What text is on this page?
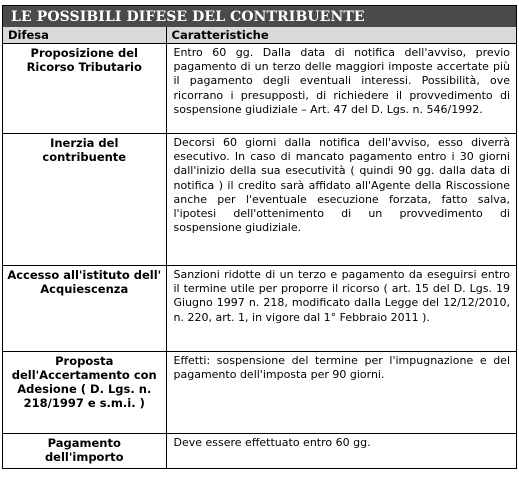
LE POSSIBILI DIFESE DEL CONTRIBUENTE
Difesa	Caratteristiche
Proposizione del Ricorso Tributario	Entro 60 gg. Dalla data di notifica dell'avviso, previo pagamento di un terzo delle maggiori imposte accertate più il pagamento degli eventuali interessi. Possibilità, ove ricorrano i presupposti, di richiedere il provvedimento di sospensione giudiziale – Art. 47 del D. Lgs. n. 546/1992.
Inerzia del contribuente	Decorsi 60 giorni dalla notifica dell'avviso, esso diverrà esecutivo. In caso di mancato pagamento entro i 30 giorni dall'inizio della sua esecutività ( quindi 90 gg. dalla data di notifica ) il credito sarà affidato all'Agente della Riscossione anche per l'eventuale esecuzione forzata, fatto salva, l'ipotesi dell'ottenimento di un provvedimento di sospensione giudiziale.
Accesso all'istituto dell' Acquiescenza	Sanzioni ridotte di un terzo e pagamento da eseguirsi entro il termine utile per proporre il ricorso ( art. 15 del D. Lgs. 19 Giugno 1997 n. 218, modificato dalla Legge del 12/12/2010, n. 220, art. 1, in vigore dal 1° Febbraio 2011 ).
Proposta dell'Accertamento con Adesione ( D. Lgs. n. 218/1997 e s.m.i. )	Effetti: sospensione del termine per l'impugnazione e del pagamento dell'imposta per 90 giorni.
Pagamento dell'importo	Deve essere effettuato entro 60 gg.
